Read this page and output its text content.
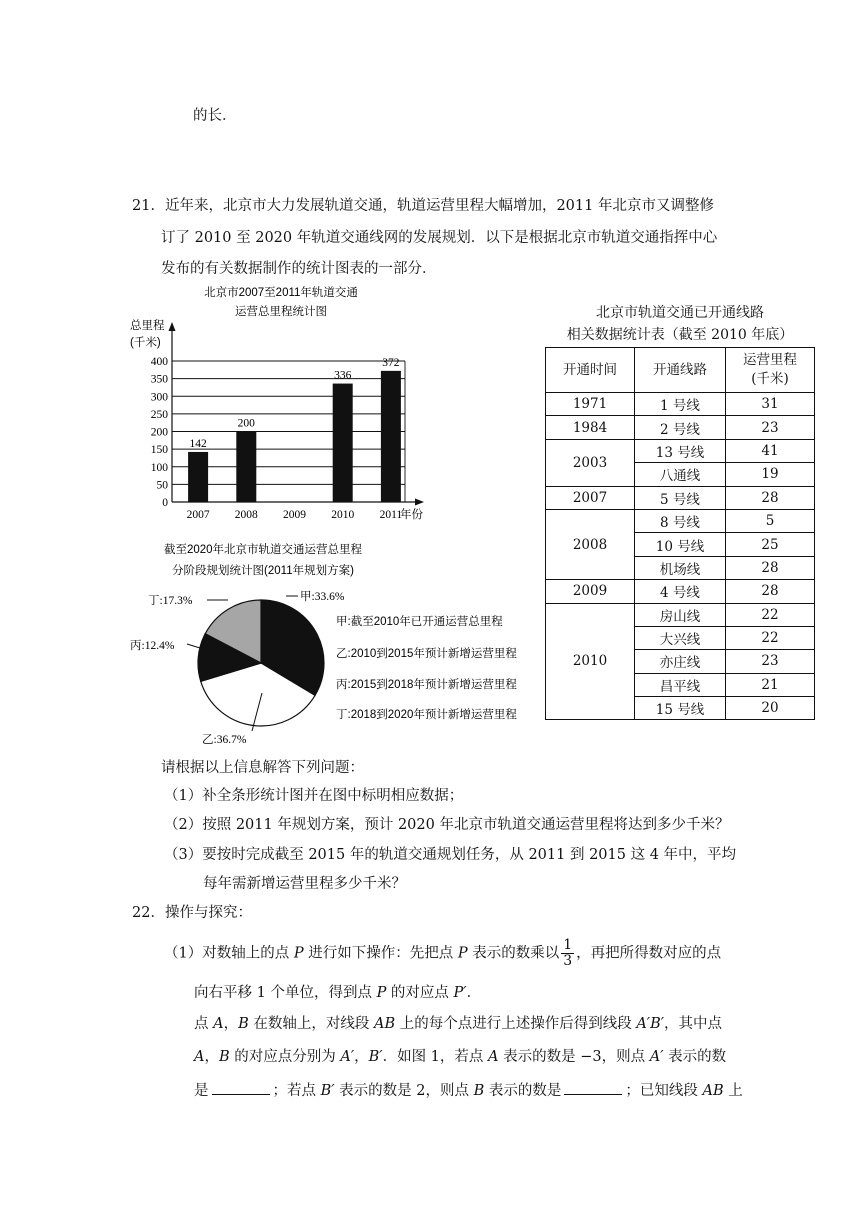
的长．
21．近年来，北京市大力发展轨道交通，轨道运营里程大幅增加，2011 年北京市又调整修
订了 2010 至 2020 年轨道交通线网的发展规划．以下是根据北京市轨道交通指挥中心
发布的有关数据制作的统计图表的一部分．
北京市2007至2011年轨道交通
运营总里程统计图
总里程
(千米)
0
50
100
150
200
250
300
350
400
142
200
336
372
2007 2008 2009 2010 2011
年份
截至2020年北京市轨道交通运营总里程
分阶段规划统计图(2011年规划方案)
丁:17.3%
丙:12.4%
甲:33.6%
乙:36.7%
甲:截至2010年已开通运营总里程
乙:2010到2015年预计新增运营里程
丙:2015到2018年预计新增运营里程
丁:2018到2020年预计新增运营里程
北京市轨道交通已开通线路
相关数据统计表（截至 2010 年底）
开通时间	开通线路	运营里程
(千米)
1971	1 号线	31
1984	2 号线	23
2003	13 号线	41
	八通线	19
2007	5 号线	28
2008	8 号线	5
	10 号线	25
	机场线	28
2009	4 号线	28
2010	房山线	22
	大兴线	22
	亦庄线	23
	昌平线	21
	15 号线	20
请根据以上信息解答下列问题：
（1）补全条形统计图并在图中标明相应数据；
（2）按照 2011 年规划方案，预计 2020 年北京市轨道交通运营里程将达到多少千米？
（3）要按时完成截至 2015 年的轨道交通规划任务，从 2011 到 2015 这 4 年中，平均
每年需新增运营里程多少千米？
22．操作与探究：
（1）对数轴上的点 P 进行如下操作：先把点 P 表示的数乘以 $\frac{1}{3}$ ，再把所得数对应的点
向右平移 1 个单位，得到点 P 的对应点 P′．
点 A，B 在数轴上，对线段 AB 上的每个点进行上述操作后得到线段 A′B′，其中点
A，B 的对应点分别为 A′，B′．如图 1，若点 A 表示的数是 −3，则点 A′ 表示的数
是	；若点 B′ 表示的数是 2，则点 B 表示的数是	；已知线段 AB 上
